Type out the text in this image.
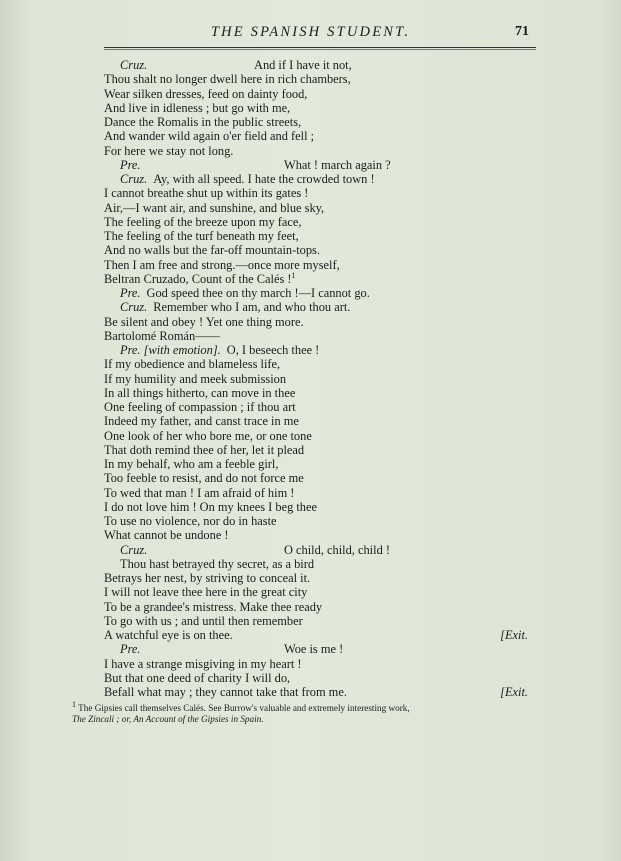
THE SPANISH STUDENT.	71
Cruz.	And if I have it not,
Thou shalt no longer dwell here in rich chambers,
Wear silken dresses, feed on dainty food,
And live in idleness ; but go with me,
Dance the Romalis in the public streets,
And wander wild again o'er field and fell ;
For here we stay not long.
Pre.	What ! march again ?
Cruz. Ay, with all speed. I hate the crowded town !
I cannot breathe shut up within its gates !
Air,—I want air, and sunshine, and blue sky,
The feeling of the breeze upon my face,
The feeling of the turf beneath my feet,
And no walls but the far-off mountain-tops.
Then I am free and strong.—once more myself,
Beltran Cruzado, Count of the Calés !$^1$
Pre. God speed thee on thy march !—I cannot go.
Cruz. Remember who I am, and who thou art.
Be silent and obey ! Yet one thing more.
Bartolomé Román——
Pre. [with emotion]. O, I beseech thee !
If my obedience and blameless life,
If my humility and meek submission
In all things hitherto, can move in thee
One feeling of compassion ; if thou art
Indeed my father, and canst trace in me
One look of her who bore me, or one tone
That doth remind thee of her, let it plead
In my behalf, who am a feeble girl,
Too feeble to resist, and do not force me
To wed that man ! I am afraid of him !
I do not love him ! On my knees I beg thee
To use no violence, nor do in haste
What cannot be undone !
Cruz.	O child, child, child !
Thou hast betrayed thy secret, as a bird
Betrays her nest, by striving to conceal it.
I will not leave thee here in the great city
To be a grandee's mistress. Make thee ready
To go with us ; and until then remember
A watchful eye is on thee.	[Exit.
Pre.	Woe is me !
I have a strange misgiving in my heart !
But that one deed of charity I will do,
Befall what may ; they cannot take that from me.	[Exit.
1 The Gipsies call themselves Calés. See Burrow's valuable and extremely interesting work,
The Zincali ; or, An Account of the Gipsies in Spain.
